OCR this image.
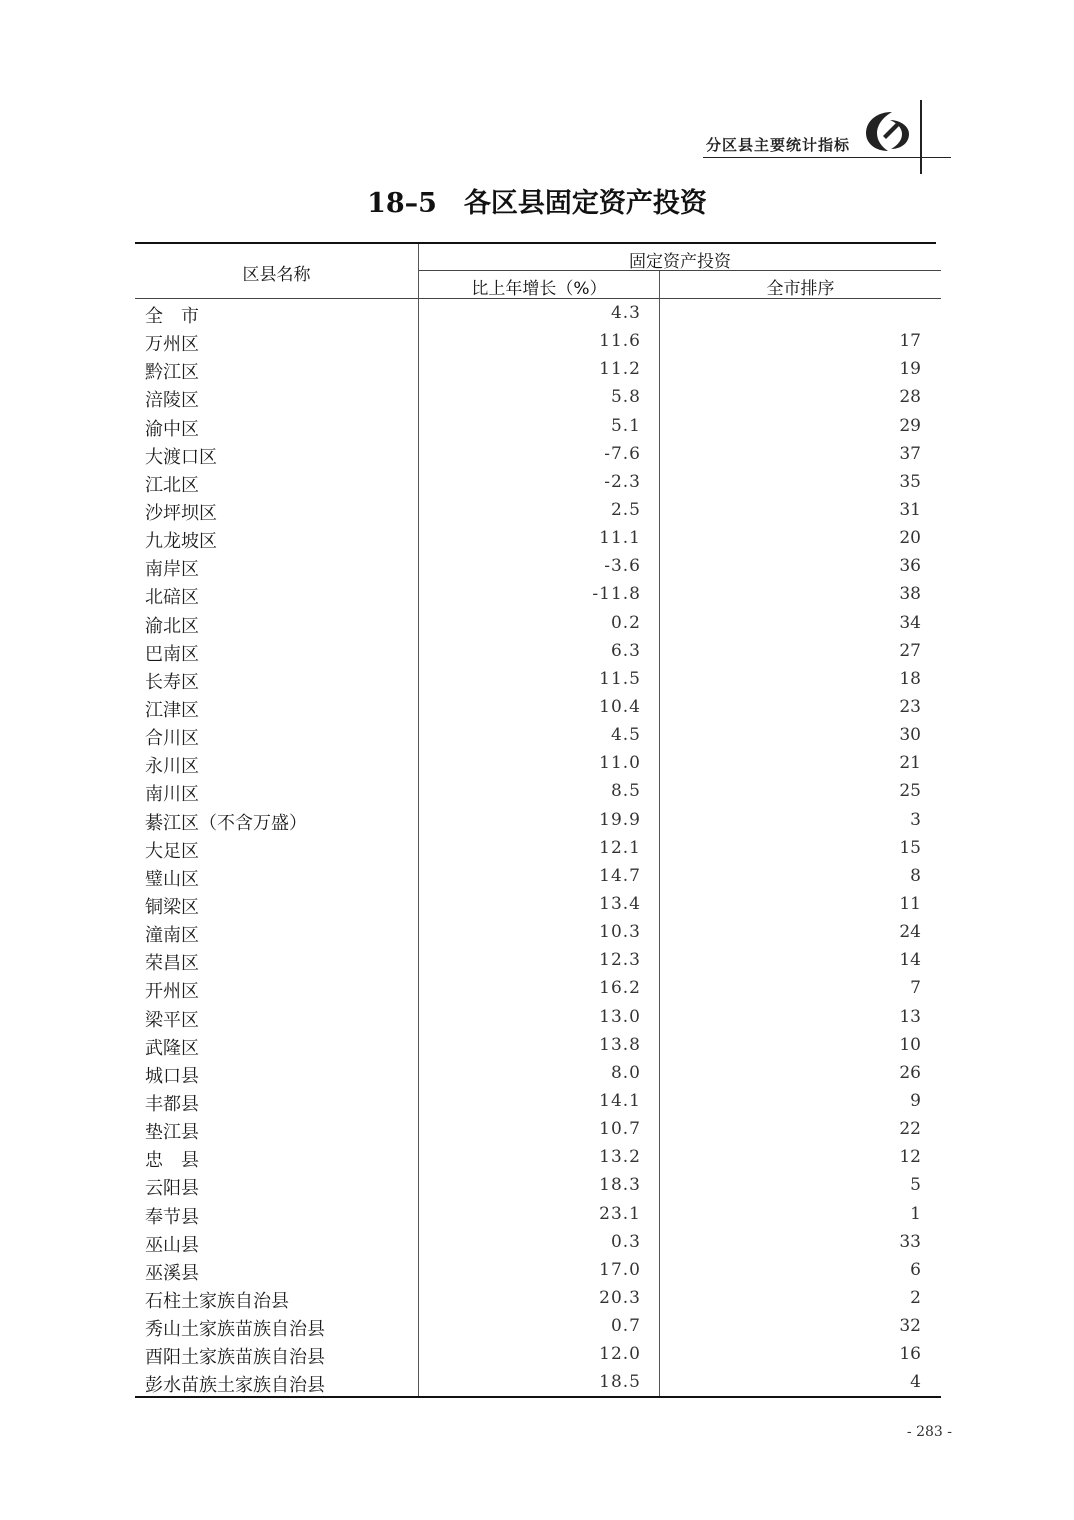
分区县主要统计指标
18–5　各区县固定资产投资
区县名称
固定资产投资
比上年增长（%）	全市排序
全　市	4.3
万州区	11.6	17
黔江区	11.2	19
涪陵区	5.8	28
渝中区	5.1	29
大渡口区	-7.6	37
江北区	-2.3	35
沙坪坝区	2.5	31
九龙坡区	11.1	20
南岸区	-3.6	36
北碚区	-11.8	38
渝北区	0.2	34
巴南区	6.3	27
长寿区	11.5	18
江津区	10.4	23
合川区	4.5	30
永川区	11.0	21
南川区	8.5	25
綦江区（不含万盛）	19.9	3
大足区	12.1	15
璧山区	14.7	8
铜梁区	13.4	11
潼南区	10.3	24
荣昌区	12.3	14
开州区	16.2	7
梁平区	13.0	13
武隆区	13.8	10
城口县	8.0	26
丰都县	14.1	9
垫江县	10.7	22
忠　县	13.2	12
云阳县	18.3	5
奉节县	23.1	1
巫山县	0.3	33
巫溪县	17.0	6
石柱土家族自治县	20.3	2
秀山土家族苗族自治县	0.7	32
酉阳土家族苗族自治县	12.0	16
彭水苗族土家族自治县	18.5	4
- 283 -
